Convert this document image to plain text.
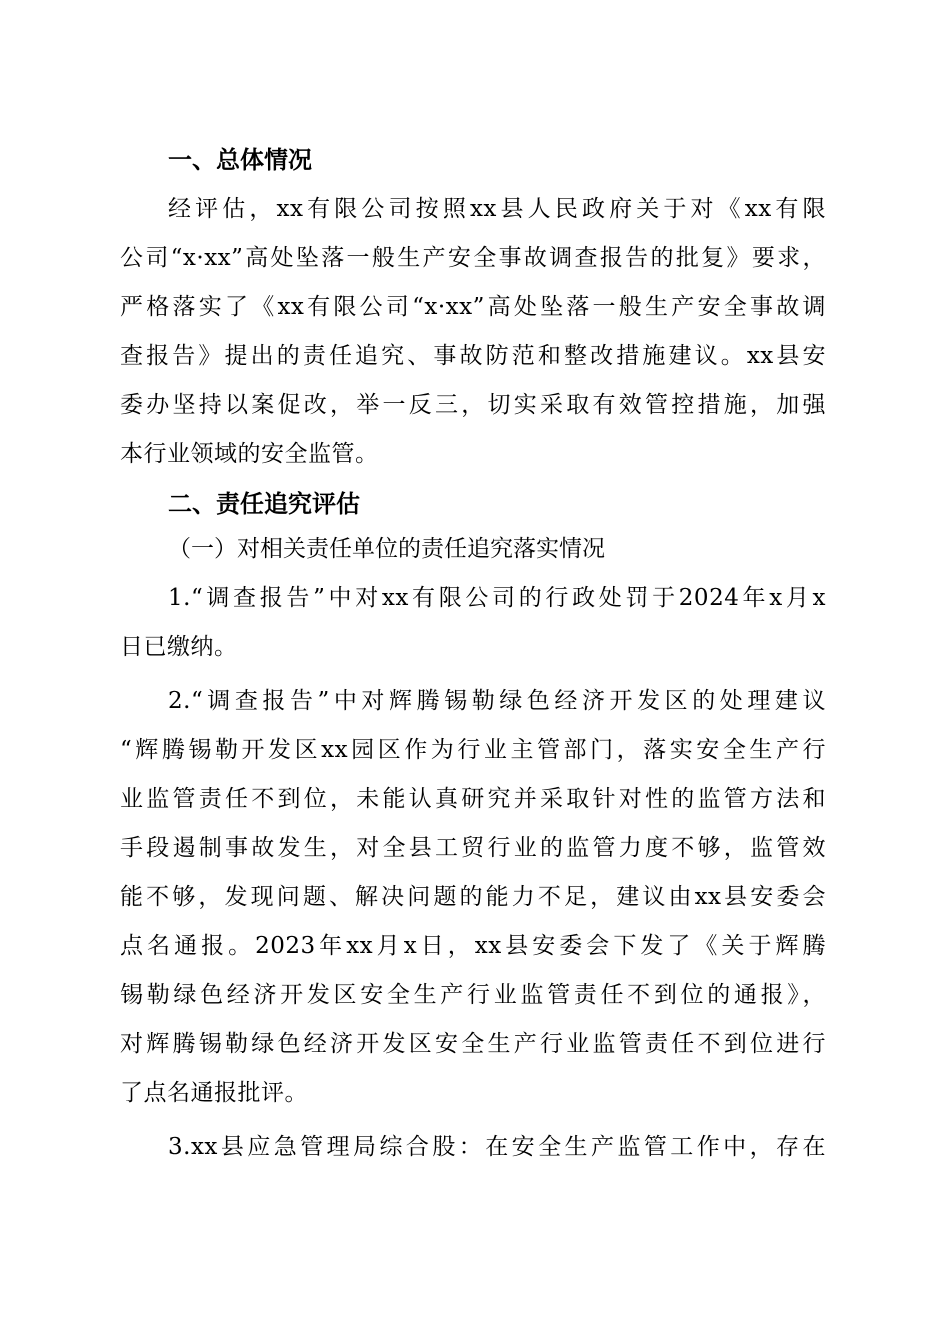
一、总体情况
经评估，xx有限公司按照xx县人民政府关于对《xx有限
公司“x·xx”高处坠落一般生产安全事故调查报告的批复》要求，
严格落实了《xx有限公司“x·xx”高处坠落一般生产安全事故调
查报告》提出的责任追究、事故防范和整改措施建议。xx县安
委办坚持以案促改，举一反三，切实采取有效管控措施，加强
本行业领域的安全监管。
二、责任追究评估
（一）对相关责任单位的责任追究落实情况
1.“调查报告”中对xx有限公司的行政处罚于2024年x月x
日已缴纳。
2.“调查报告”中对辉腾锡勒绿色经济开发区的处理建议
“辉腾锡勒开发区xx园区作为行业主管部门，落实安全生产行
业监管责任不到位，未能认真研究并采取针对性的监管方法和
手段遏制事故发生，对全县工贸行业的监管力度不够，监管效
能不够，发现问题、解决问题的能力不足，建议由xx县安委会
点名通报。2023年xx月x日，xx县安委会下发了《关于辉腾
锡勒绿色经济开发区安全生产行业监管责任不到位的通报》，
对辉腾锡勒绿色经济开发区安全生产行业监管责任不到位进行
了点名通报批评。
3.xx县应急管理局综合股：在安全生产监管工作中，存在
